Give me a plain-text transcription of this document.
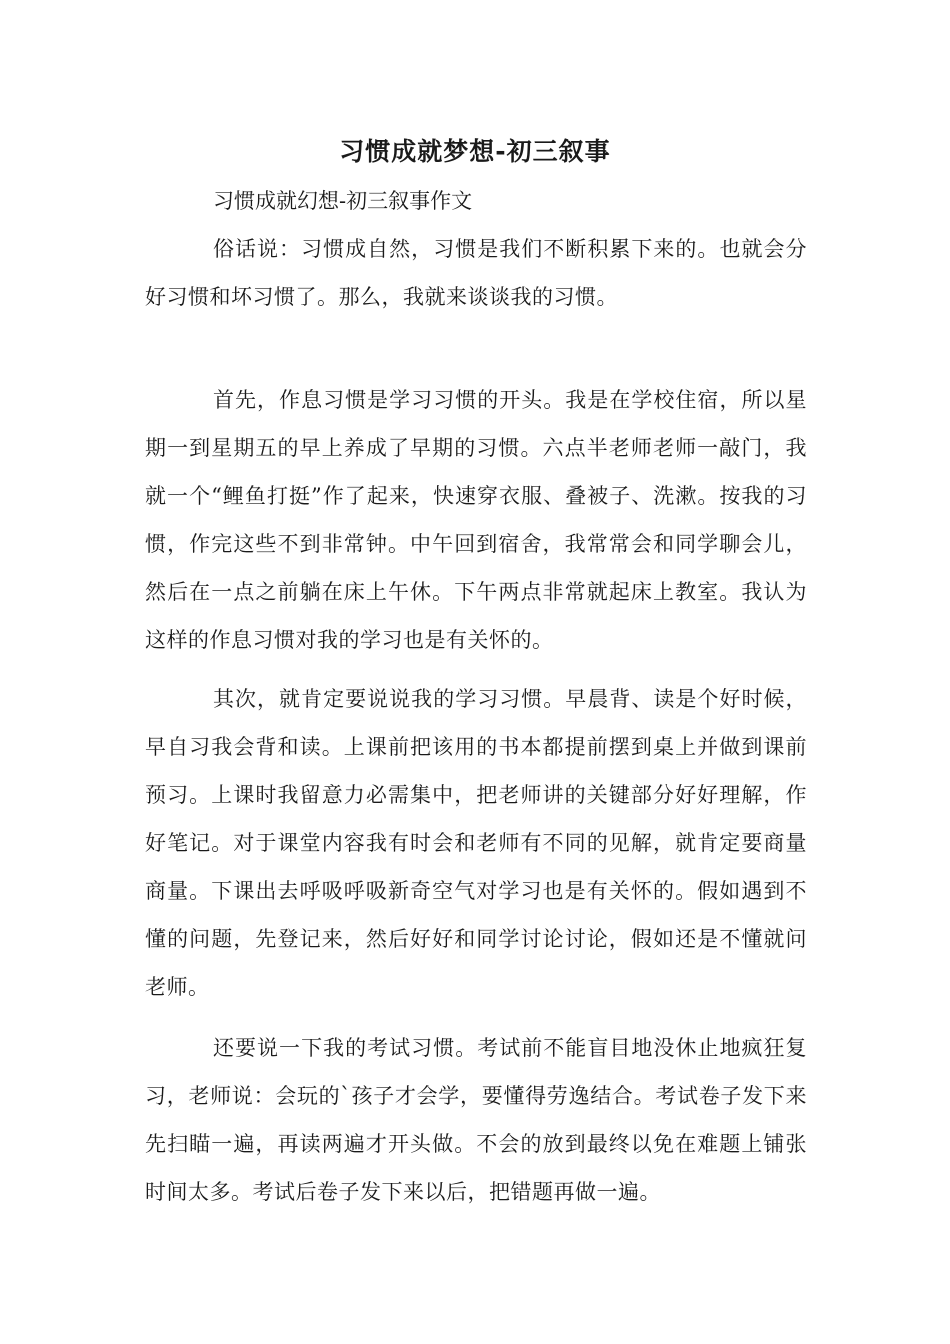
习惯成就梦想-初三叙事
习惯成就幻想-初三叙事作文

俗话说：习惯成自然，习惯是我们不断积累下来的。也就会分好习惯和坏习惯了。那么，我就来谈谈我的习惯。

首先，作息习惯是学习习惯的开头。我是在学校住宿，所以星期一到星期五的早上养成了早期的习惯。六点半老师老师一敲门，我就一个“鲤鱼打挺”作了起来，快速穿衣服、叠被子、洗漱。按我的习惯，作完这些不到非常钟。中午回到宿舍，我常常会和同学聊会儿，然后在一点之前躺在床上午休。下午两点非常就起床上教室。我认为这样的作息习惯对我的学习也是有关怀的。

其次，就肯定要说说我的学习习惯。早晨背、读是个好时候，早自习我会背和读。上课前把该用的书本都提前摆到桌上并做到课前预习。上课时我留意力必需集中，把老师讲的关键部分好好理解，作好笔记。对于课堂内容我有时会和老师有不同的见解，就肯定要商量商量。下课出去呼吸呼吸新奇空气对学习也是有关怀的。假如遇到不懂的问题，先登记来，然后好好和同学讨论讨论，假如还是不懂就问老师。

还要说一下我的考试习惯。考试前不能盲目地没休止地疯狂复习，老师说：会玩的`孩子才会学，要懂得劳逸结合。考试卷子发下来先扫瞄一遍，再读两遍才开头做。不会的放到最终以免在难题上铺张时间太多。考试后卷子发下来以后，把错题再做一遍。
